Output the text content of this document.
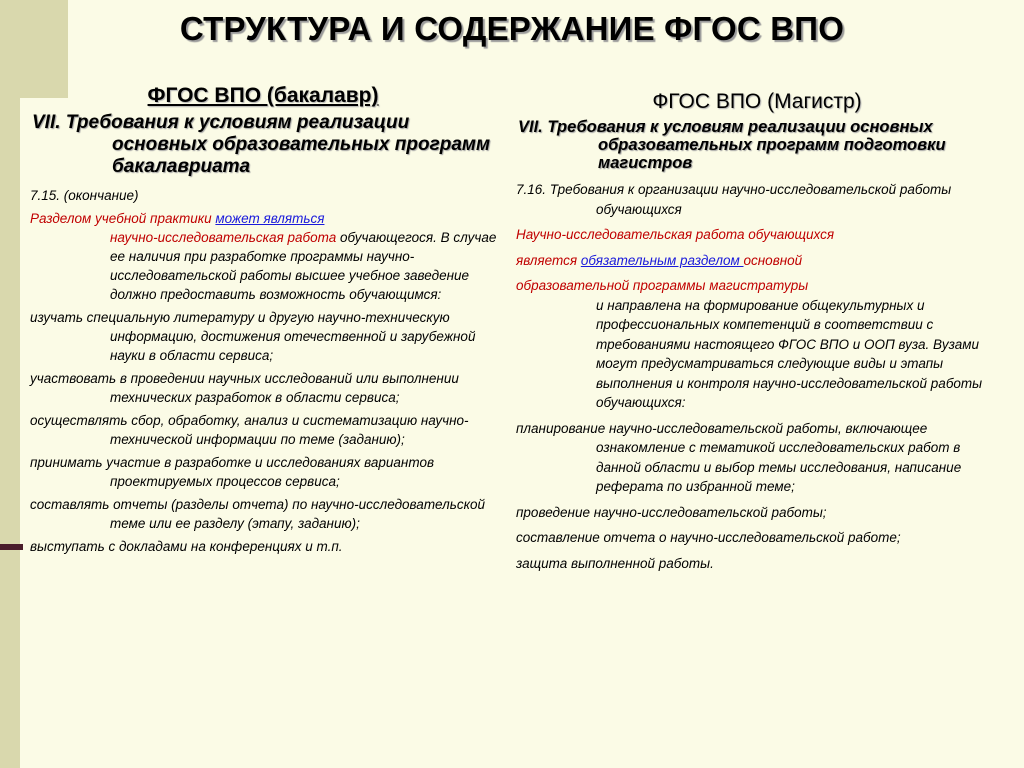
СТРУКТУРА И СОДЕРЖАНИЕ ФГОС ВПО
ФГОС ВПО (бакалавр)
VII. Требования к условиям реализации основных образовательных программ бакалавриата
7.15. (окончание)
Разделом учебной практики может являться
научно-исследовательская работа обучающегося. В случае ее наличия при разработке программы научно-исследовательской работы высшее учебное заведение должно предоставить возможность обучающимся:
изучать специальную литературу и другую научно-техническую информацию, достижения отечественной и зарубежной науки в области сервиса;
участвовать в проведении научных исследований или выполнении технических разработок в области сервиса;
осуществлять сбор, обработку, анализ и систематизацию научно-технической информации по теме (заданию);
принимать участие в разработке и исследованиях вариантов проектируемых процессов сервиса;
составлять отчеты (разделы отчета) по научно-исследовательской теме или ее разделу (этапу, заданию);
выступать с докладами на конференциях и т.п.
ФГОС ВПО (Магистр)
VII. Требования к условиям реализации основных образовательных программ подготовки магистров
7.16. Требования к организации научно-исследовательской работы обучающихся
Научно-исследовательская работа обучающихся
является обязательным разделом основной
образовательной программы магистратуры
и направлена на формирование общекультурных и профессиональных компетенций в соответствии с требованиями настоящего ФГОС ВПО и ООП вуза. Вузами могут предусматриваться следующие виды и этапы выполнения и контроля научно-исследовательской работы обучающихся:
планирование научно-исследовательской работы, включающее ознакомление с тематикой исследовательских работ в данной области и выбор темы исследования, написание реферата по избранной теме;
проведение научно-исследовательской работы;
составление отчета о научно-исследовательской работе;
защита выполненной работы.
